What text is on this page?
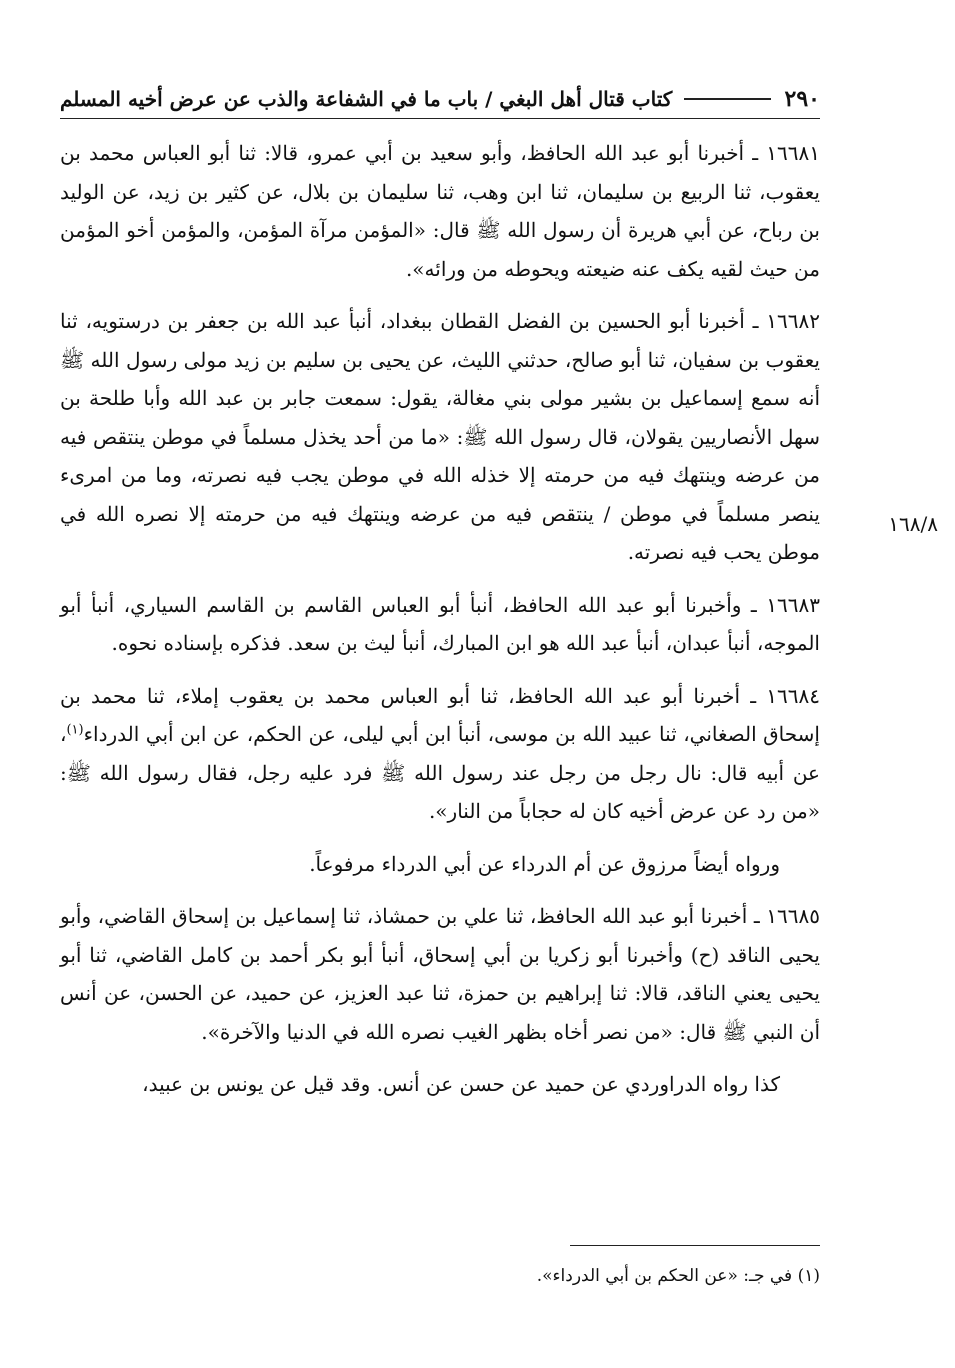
٢٩٠
كتاب قتال أهل البغي / باب ما في الشفاعة والذب عن عرض أخيه المسلم

١٦٦٨١ ـ أخبرنا أبو عبد الله الحافظ، وأبو سعيد بن أبي عمرو، قالا: ثنا أبو العباس محمد بن يعقوب، ثنا الربيع بن سليمان، ثنا ابن وهب، ثنا سليمان بن بلال، عن كثير بن زيد، عن الوليد بن رباح، عن أبي هريرة أن رسول الله ﷺ قال: «المؤمن مرآة المؤمن، والمؤمن أخو المؤمن من حيث لقيه يكف عنه ضيعته ويحوطه من ورائه».

١٦٦٨٢ ـ أخبرنا أبو الحسين بن الفضل القطان ببغداد، أنبأ عبد الله بن جعفر بن درستويه، ثنا يعقوب بن سفيان، ثنا أبو صالح، حدثني الليث، عن يحيى بن سليم بن زيد مولى رسول الله ﷺ أنه سمع إسماعيل بن بشير مولى بني مغالة، يقول: سمعت جابر بن عبد الله وأبا طلحة بن سهل الأنصاريين يقولان، قال رسول الله ﷺ: «ما من أحد يخذل مسلماً في موطن ينتقص فيه من عرضه وينتهك فيه من حرمته إلا خذله الله في موطن يجب فيه نصرته، وما من امرىء ينصر مسلماً في موطن / ينتقص فيه من عرضه وينتهك فيه من حرمته إلا نصره الله في موطن يحب فيه نصرته.

١٦٦٨٣ ـ وأخبرنا أبو عبد الله الحافظ، أنبأ أبو العباس القاسم بن القاسم السياري، أنبأ أبو الموجه، أنبأ عبدان، أنبأ عبد الله هو ابن المبارك، أنبأ ليث بن سعد. فذكره بإسناده نحوه.

١٦٦٨٤ ـ أخبرنا أبو عبد الله الحافظ، ثنا أبو العباس محمد بن يعقوب إملاء، ثنا محمد بن إسحاق الصغاني، ثنا عبيد الله بن موسى، أنبأ ابن أبي ليلى، عن الحكم، عن ابن أبي الدرداء$^{(١)}$، عن أبيه قال: نال رجل من رجل عند رسول الله ﷺ فرد عليه رجل، فقال رسول الله ﷺ: «من رد عن عرض أخيه كان له حجاباً من النار».

ورواه أيضاً مرزوق عن أم الدرداء عن أبي الدرداء مرفوعاً.

١٦٦٨٥ ـ أخبرنا أبو عبد الله الحافظ، ثنا علي بن حمشاذ، ثنا إسماعيل بن إسحاق القاضي، وأبو يحيى الناقد (ح) وأخبرنا أبو زكريا بن أبي إسحاق، أنبأ أبو بكر أحمد بن كامل القاضي، ثنا أبو يحيى يعني الناقد، قالا: ثنا إبراهيم بن حمزة، ثنا عبد العزيز، عن حميد، عن الحسن، عن أنس أن النبي ﷺ قال: «من نصر أخاه بظهر الغيب نصره الله في الدنيا والآخرة».

كذا رواه الدراوردي عن حميد عن حسن عن أنس. وقد قيل عن يونس بن عبيد،

١٦٨/٨
(١) في جـ: «عن الحكم بن أبي الدرداء».
